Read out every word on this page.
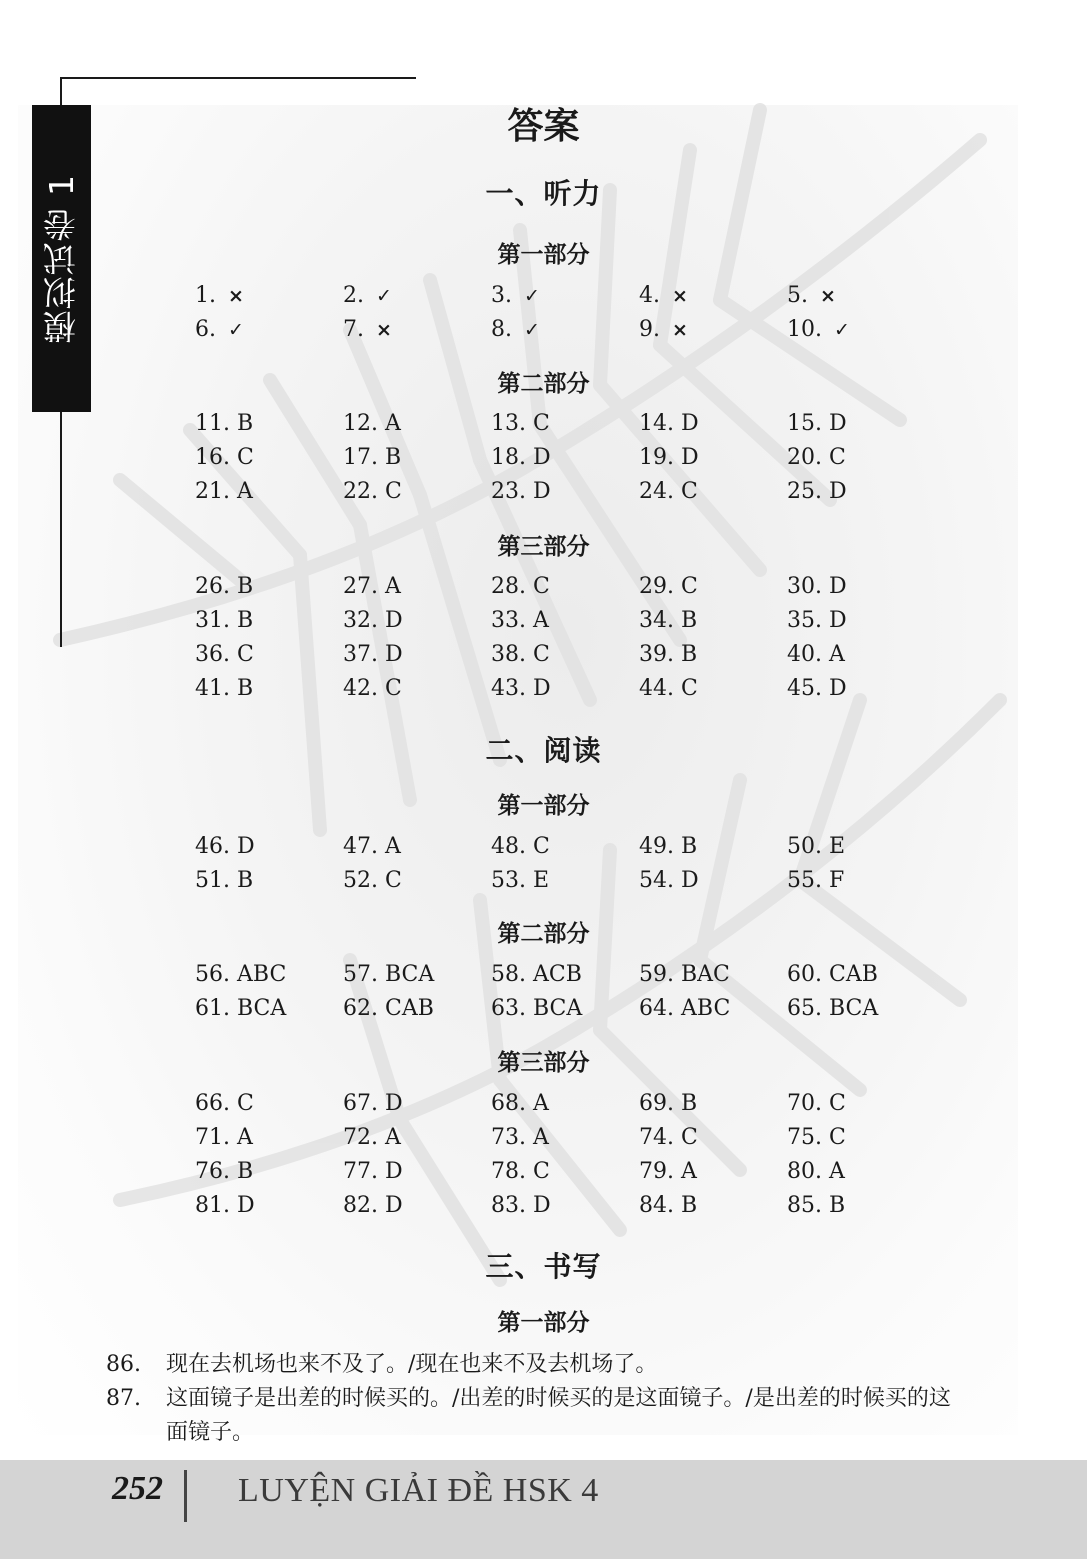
模拟试卷 1
答案
一、听力
第一部分
1. ×	2. ✓	3. ✓	4. ×	5. ×
6. ✓	7. ×	8. ✓	9. ×	10. ✓
第二部分
11. B	12. A	13. C	14. D	15. D
16. C	17. B	18. D	19. D	20. C
21. A	22. C	23. D	24. C	25. D
第三部分
26. B	27. A	28. C	29. C	30. D
31. B	32. D	33. A	34. B	35. D
36. C	37. D	38. C	39. B	40. A
41. B	42. C	43. D	44. C	45. D
二、阅读
第一部分
46. D	47. A	48. C	49. B	50. E
51. B	52. C	53. E	54. D	55. F
第二部分
56. ABC	57. BCA	58. ACB	59. BAC	60. CAB
61. BCA	62. CAB	63. BCA	64. ABC	65. BCA
第三部分
66. C	67. D	68. A	69. B	70. C
71. A	72. A	73. A	74. C	75. C
76. B	77. D	78. C	79. A	80. A
81. D	82. D	83. D	84. B	85. B
三、书写
第一部分
86.	现在去机场也来不及了。/现在也来不及去机场了。
87.	这面镜子是出差的时候买的。/出差的时候买的是这面镜子。/是出差的时候买的这面镜子。
252 LUYỆN GIẢI ĐỀ HSK 4
